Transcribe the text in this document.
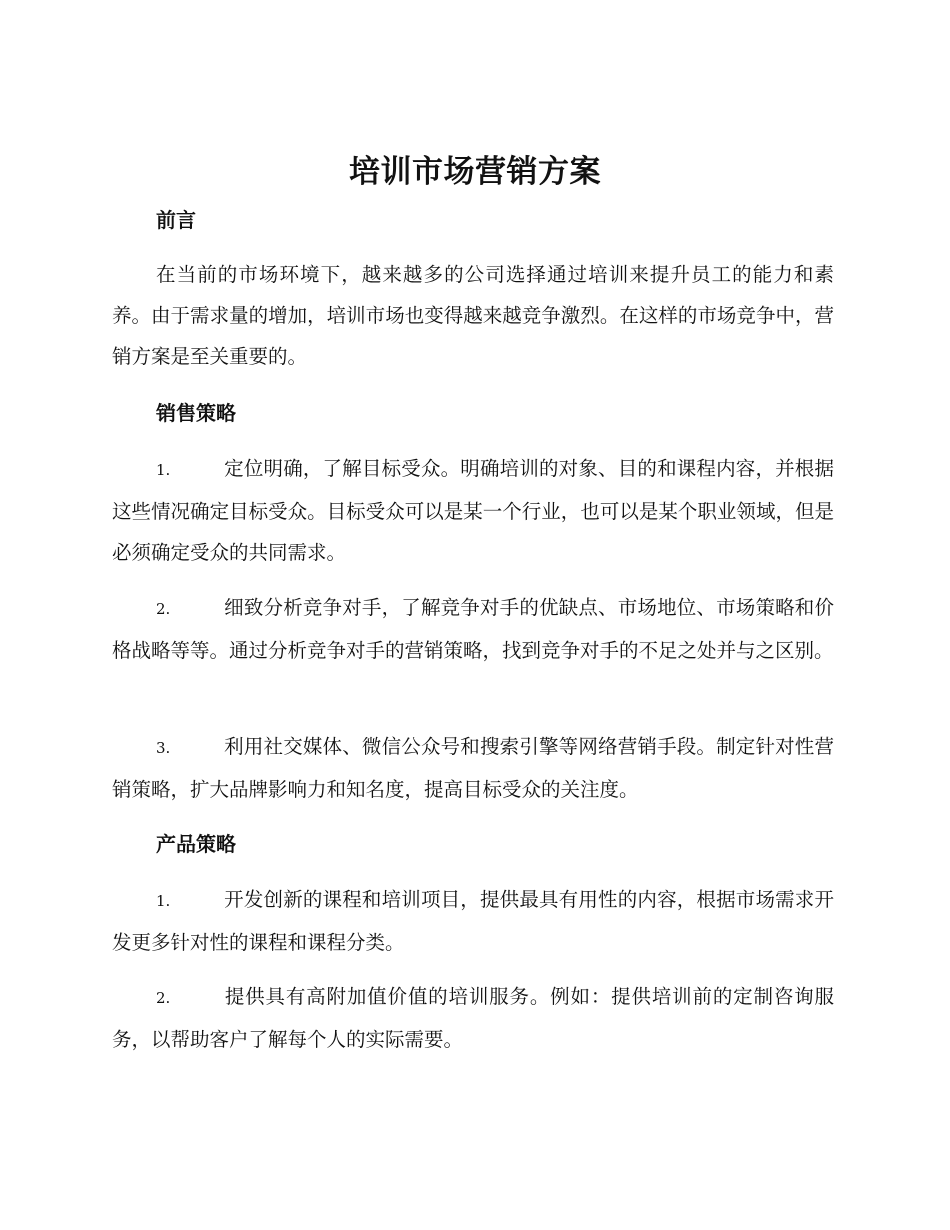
培训市场营销方案
前言
在当前的市场环境下，越来越多的公司选择通过培训来提升员工的能力和素养。由于需求量的增加，培训市场也变得越来越竞争激烈。在这样的市场竞争中，营销方案是至关重要的。
销售策略
1.	定位明确，了解目标受众。明确培训的对象、目的和课程内容，并根据这些情况确定目标受众。目标受众可以是某一个行业，也可以是某个职业领域，但是必须确定受众的共同需求。
2.	细致分析竞争对手，了解竞争对手的优缺点、市场地位、市场策略和价格战略等等。通过分析竞争对手的营销策略，找到竞争对手的不足之处并与之区别。
3.	利用社交媒体、微信公众号和搜索引擎等网络营销手段。制定针对性营销策略，扩大品牌影响力和知名度，提高目标受众的关注度。
产品策略
1.	开发创新的课程和培训项目，提供最具有用性的内容，根据市场需求开发更多针对性的课程和课程分类。
2.	提供具有高附加值价值的培训服务。例如：提供培训前的定制咨询服务，以帮助客户了解每个人的实际需要。
